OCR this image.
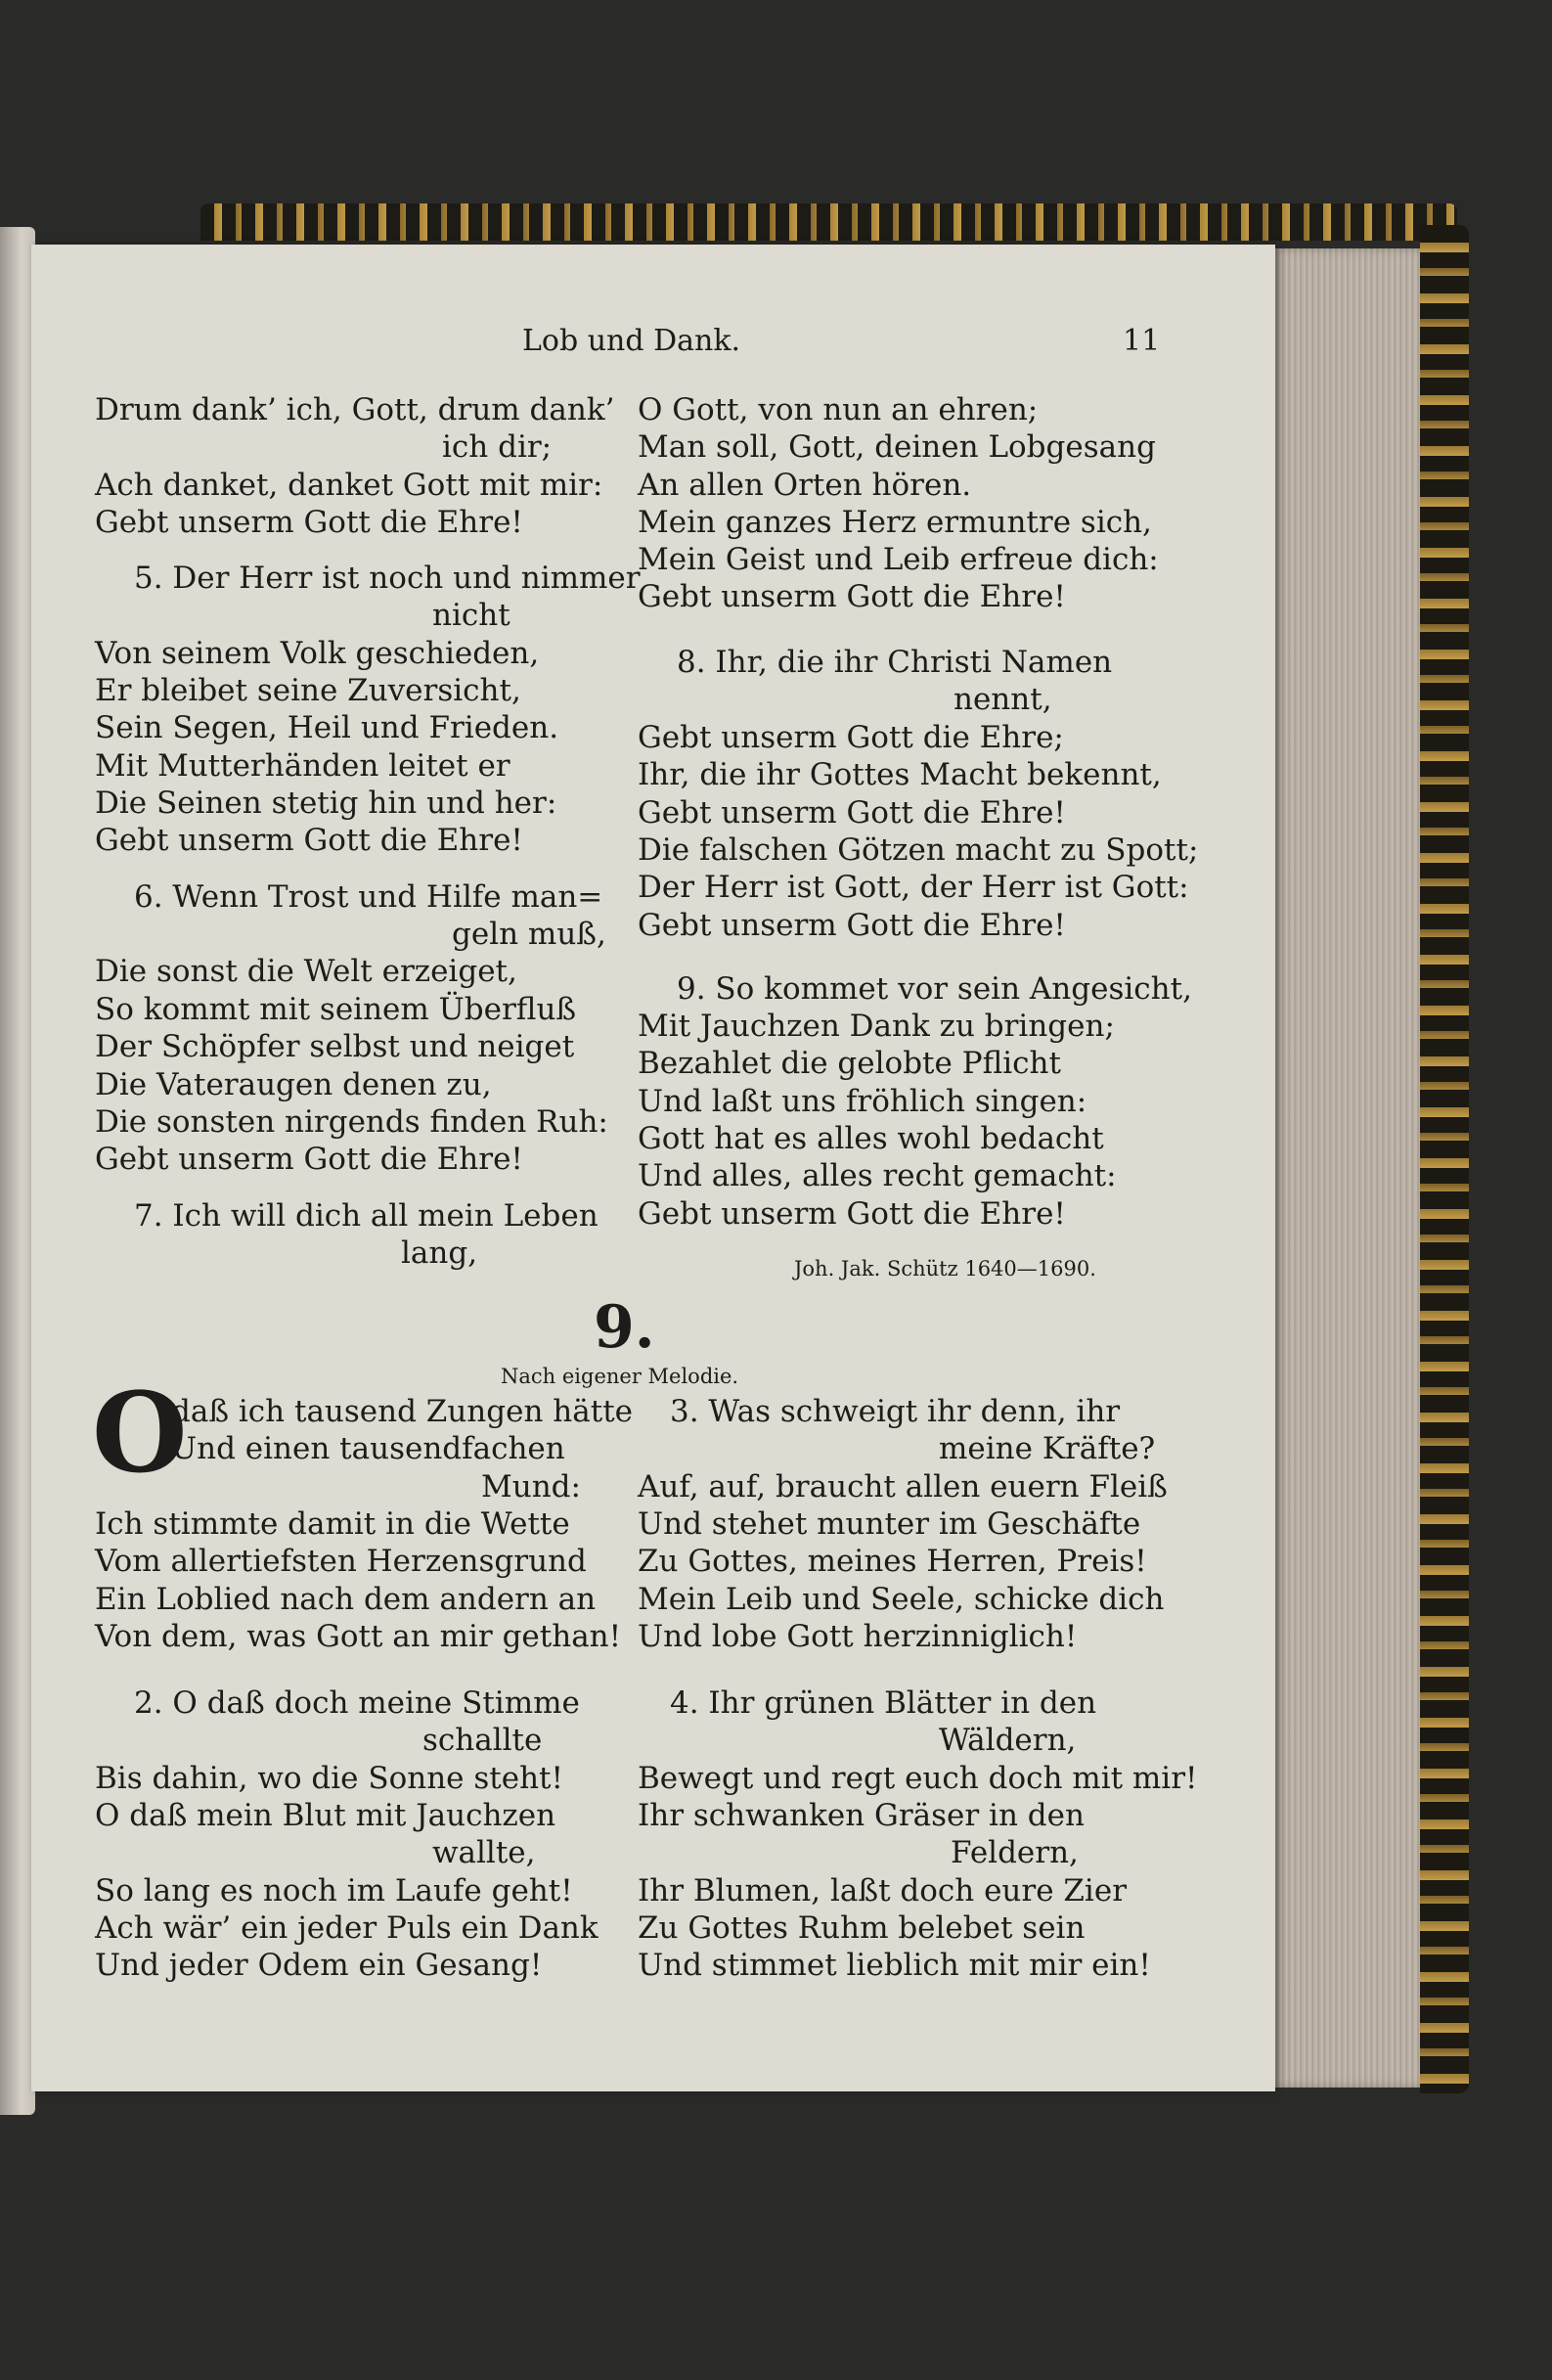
Lob und Dank.	11
Drum dank’ ich, Gott, drum dank’
ich dir;
Ach danket, danket Gott mit mir:
Gebt unserm Gott die Ehre!
5. Der Herr ist noch und nimmer
nicht
Von seinem Volk geschieden,
Er bleibet seine Zuversicht,
Sein Segen, Heil und Frieden.
Mit Mutterhänden leitet er
Die Seinen stetig hin und her:
Gebt unserm Gott die Ehre!
6. Wenn Trost und Hilfe man=
geln muß,
Die sonst die Welt erzeiget,
So kommt mit seinem Überfluß
Der Schöpfer selbst und neiget
Die Vateraugen denen zu,
Die sonsten nirgends finden Ruh:
Gebt unserm Gott die Ehre!
7. Ich will dich all mein Leben
lang,
O Gott, von nun an ehren;
Man soll, Gott, deinen Lobgesang
An allen Orten hören.
Mein ganzes Herz ermuntre sich,
Mein Geist und Leib erfreue dich:
Gebt unserm Gott die Ehre!
8. Ihr, die ihr Christi Namen
nennt,
Gebt unserm Gott die Ehre;
Ihr, die ihr Gottes Macht bekennt,
Gebt unserm Gott die Ehre!
Die falschen Götzen macht zu Spott;
Der Herr ist Gott, der Herr ist Gott:
Gebt unserm Gott die Ehre!
9. So kommet vor sein Angesicht,
Mit Jauchzen Dank zu bringen;
Bezahlet die gelobte Pflicht
Und laßt uns fröhlich singen:
Gott hat es alles wohl bedacht
Und alles, alles recht gemacht:
Gebt unserm Gott die Ehre!
Joh. Jak. Schütz 1640—1690.
9.
Nach eigener Melodie.
O
daß ich tausend Zungen hätte
Und einen tausendfachen
Mund:
Ich stimmte damit in die Wette
Vom allertiefsten Herzensgrund
Ein Loblied nach dem andern an
Von dem, was Gott an mir gethan!
2. O daß doch meine Stimme
schallte
Bis dahin, wo die Sonne steht!
O daß mein Blut mit Jauchzen
wallte,
So lang es noch im Laufe geht!
Ach wär’ ein jeder Puls ein Dank
Und jeder Odem ein Gesang!
3. Was schweigt ihr denn, ihr
meine Kräfte?
Auf, auf, braucht allen euern Fleiß
Und stehet munter im Geschäfte
Zu Gottes, meines Herren, Preis!
Mein Leib und Seele, schicke dich
Und lobe Gott herzinniglich!
4. Ihr grünen Blätter in den
Wäldern,
Bewegt und regt euch doch mit mir!
Ihr schwanken Gräser in den
Feldern,
Ihr Blumen, laßt doch eure Zier
Zu Gottes Ruhm belebet sein
Und stimmet lieblich mit mir ein!
